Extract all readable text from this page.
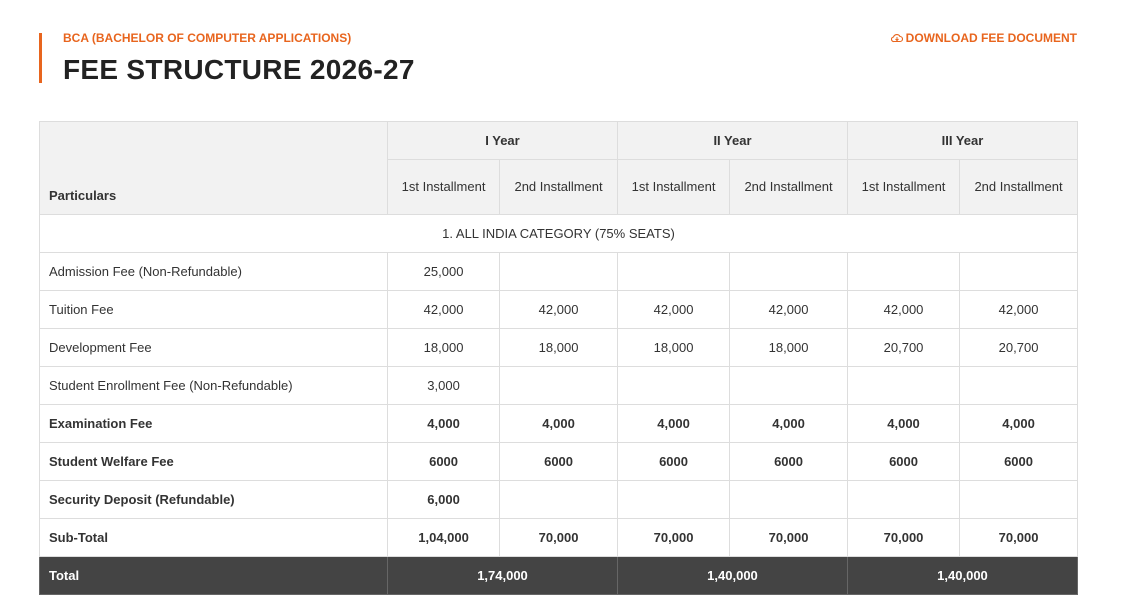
BCA (BACHELOR OF COMPUTER APPLICATIONS)
FEE STRUCTURE 2026-27
DOWNLOAD FEE DOCUMENT
Particulars	I Year		II Year		III Year	
	1st Installment	2nd Installment	1st Installment	2nd Installment	1st Installment	2nd Installment
1. ALL INDIA CATEGORY (75% SEATS)						
Admission Fee (Non-Refundable)	25,000					
Tuition Fee	42,000	42,000	42,000	42,000	42,000	42,000
Development Fee	18,000	18,000	18,000	18,000	20,700	20,700
Student Enrollment Fee (Non-Refundable)	3,000					
Examination Fee	4,000	4,000	4,000	4,000	4,000	4,000
Student Welfare Fee	6000	6000	6000	6000	6000	6000
Security Deposit (Refundable)	6,000					
Sub-Total	1,04,000	70,000	70,000	70,000	70,000	70,000
Total	1,74,000		1,40,000		1,40,000	
